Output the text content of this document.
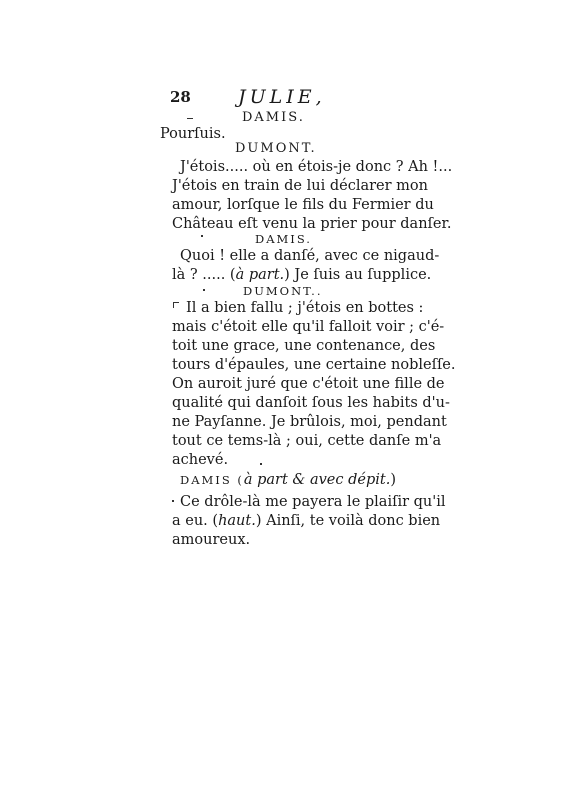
28 JULIE,
DAMIS.
Pourſuis.
DUMONT.
J'étois..... où en étois-je donc ? Ah !...
J'étois en train de lui déclarer mon
amour, lorſque le fils du Fermier du
Château eſt venu la prier pour danſer.
DAMIS.
Quoi ! elle a danſé, avec ce nigaud-
là ? ..... (à part.) Je ſuis au ſupplice.
DUMONT..
Il a bien fallu ; j'étois en bottes :
mais c'étoit elle qu'il falloit voir ; c'é-
toit une grace, une contenance, des
tours d'épaules, une certaine nobleſſe.
On auroit juré que c'étoit une fille de
qualité qui danſoit ſous les habits d'u-
ne Payſanne. Je brûlois, moi, pendant
tout ce tems-là ; oui, cette danſe m'a
achevé.
DAMIS (à part & avec dépit.)
Ce drôle-là me payera le plaiſir qu'il
a eu. (haut.) Ainſi, te voilà donc bien
amoureux.
